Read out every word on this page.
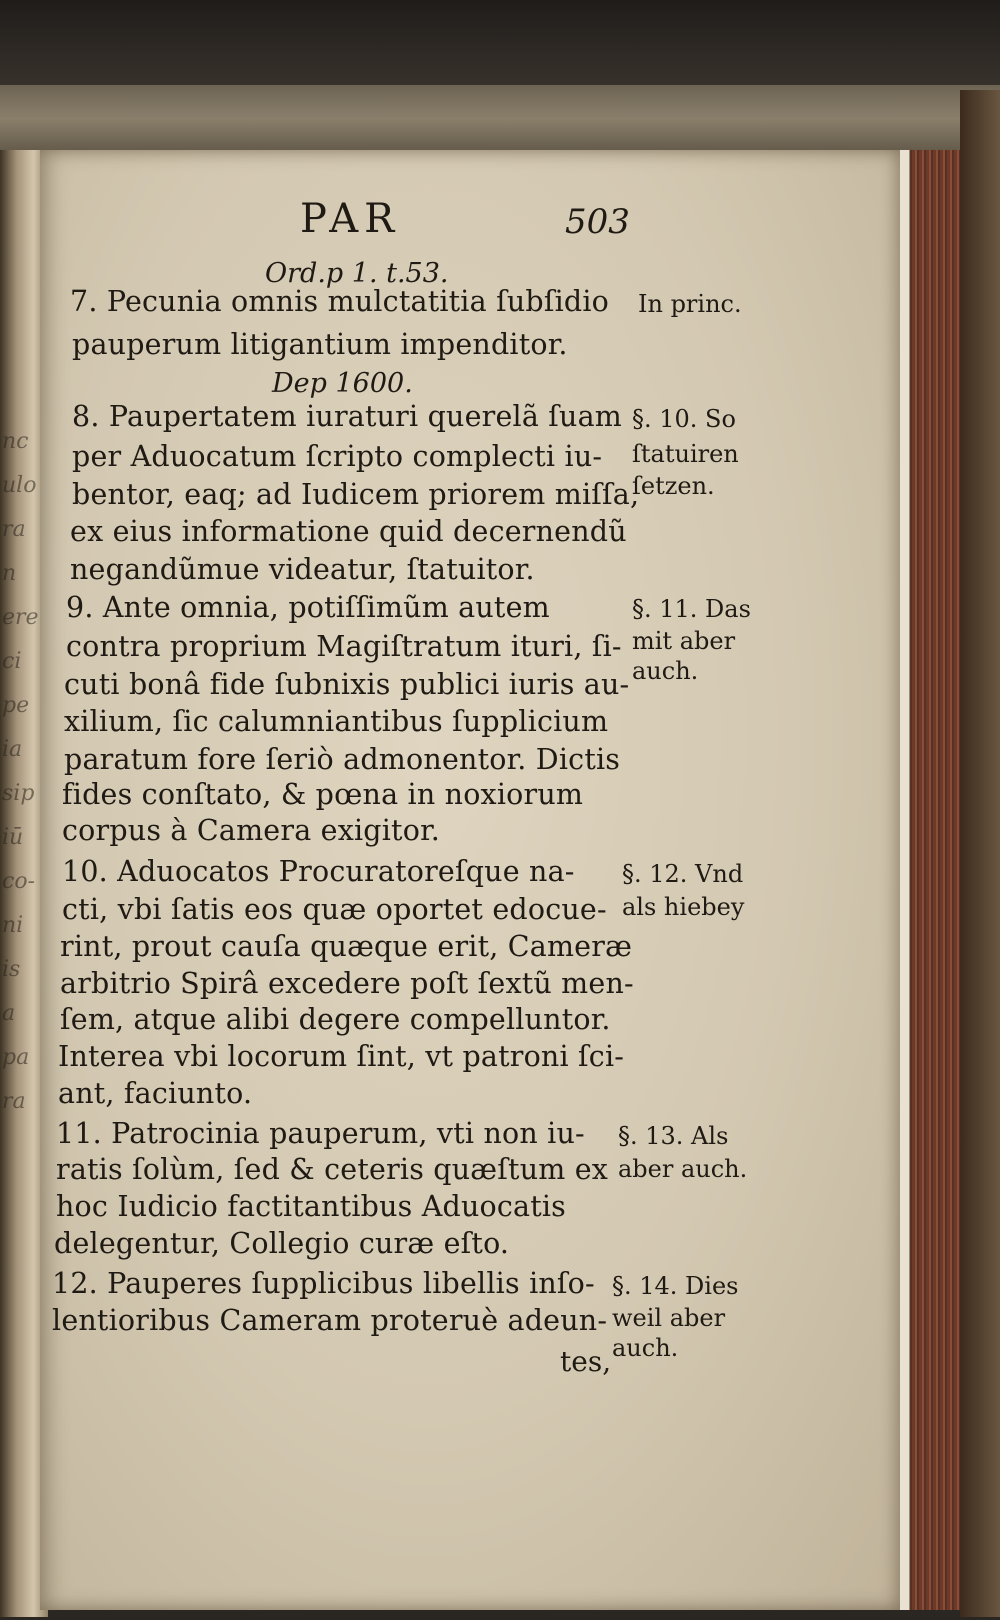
nc
ulo
ra
n
ere
ci
pe
ia
sip
iū
co-
ni
is
a
pa
ra
PAR	503
Ord.p 1. t.53.
Dep 1600.
7. Pecunia omnis mulctatitia ſubſidio
pauperum litigantium impenditor.
8. Paupertatem iuraturi querelã ſuam
per Aduocatum ſcripto complecti iu-
bentor, eaq; ad Iudicem priorem miſſa,
ex eius informatione quid decernendũ
negandũmue videatur, ſtatuitor.
9. Ante omnia, potiſſimũm autem
contra proprium Magiſtratum ituri, ſi-
cuti bonâ fide ſubnixis publici iuris au-
xilium, ſic calumniantibus ſupplicium
paratum fore ſeriò admonentor. Dictis
fides conſtato, & pœna in noxiorum
corpus à Camera exigitor.
10. Aduocatos Procuratoreſque na-
cti, vbi ſatis eos quæ oportet edocue-
rint, prout cauſa quæque erit, Cameræ
arbitrio Spirâ excedere poſt ſextũ men-
ſem, atque alibi degere compelluntor.
Interea vbi locorum ſint, vt patroni ſci-
ant, faciunto.
11. Patrocinia pauperum, vti non iu-
ratis ſolùm, ſed & ceteris quæſtum ex
hoc Iudicio factitantibus Aduocatis
delegentur, Collegio curæ eſto.
12. Pauperes ſupplicibus libellis inſo-
lentioribus Cameram proteruè adeun-
tes,
In princ.
§. 10. So
ſtatuiren
ſetzen.
§. 11. Das
mit aber
auch.
§. 12. Vnd
als hiebey
§. 13. Als
aber auch.
§. 14. Dies
weil aber
auch.
